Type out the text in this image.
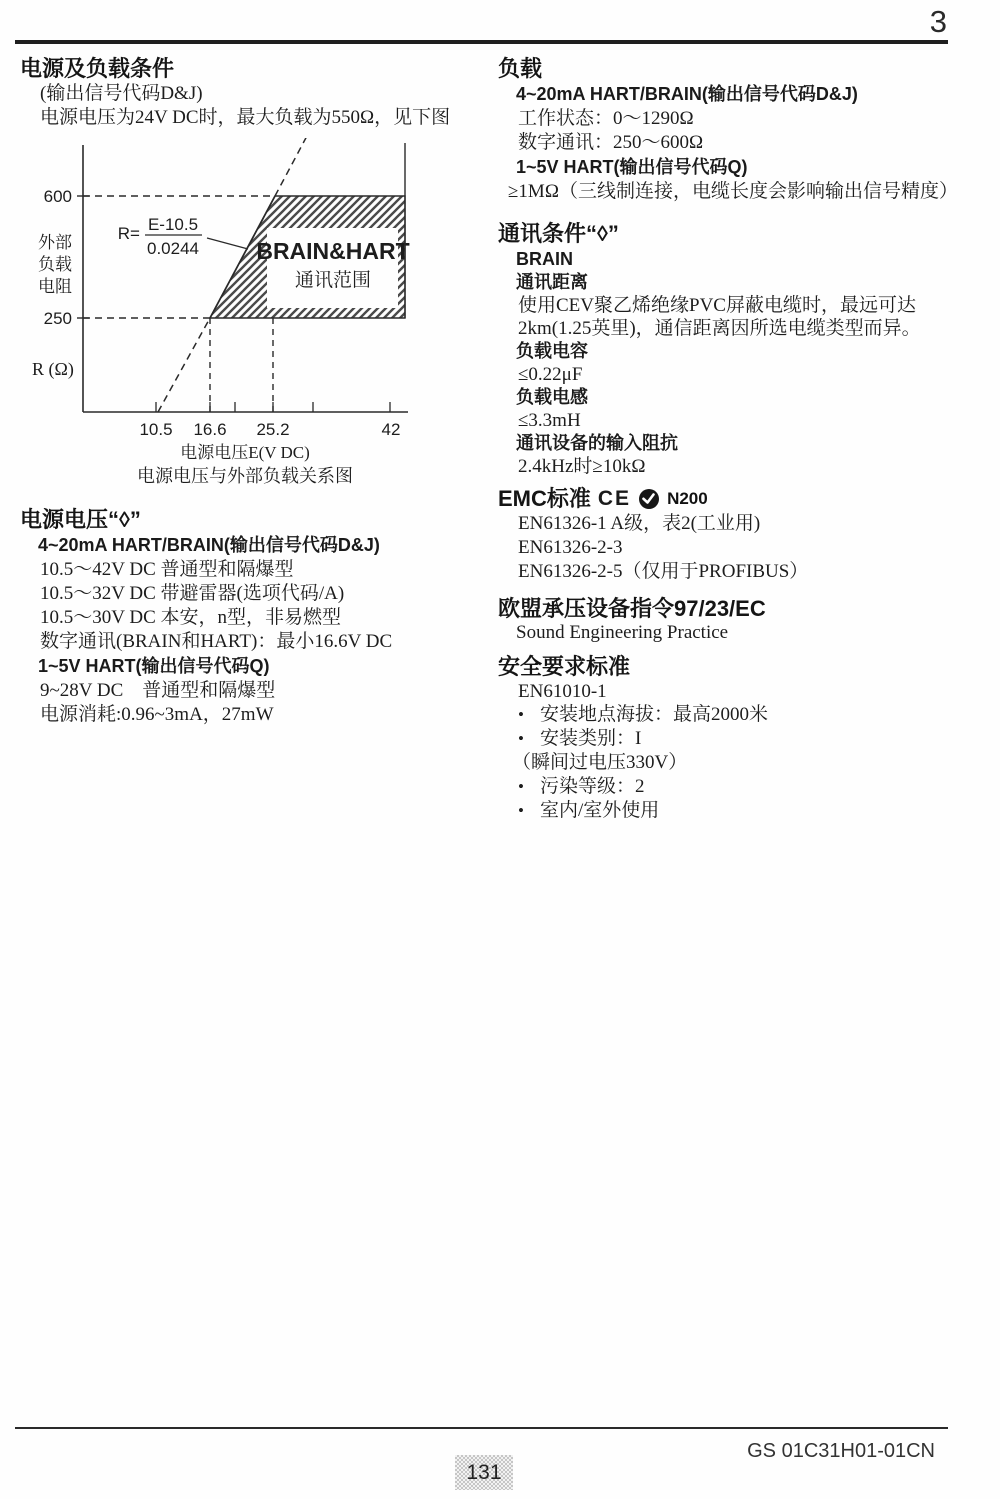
3
电源及负载条件
(输出信号代码D&J)
电源电压为24V DC时，最大负载为550Ω，见下图
BRAIN&HART
通讯范围
600
250
外部
负载
电阻
R (Ω)
R= E-10.5
0.0244
10.5 16.6 25.2	42
电源电压E(V DC)
电源电压与外部负载关系图
电源电压“◊”
4~20mA HART/BRAIN(输出信号代码D&J)
10.5～42V DC 普通型和隔爆型
10.5～32V DC 带避雷器(选项代码/A)
10.5～30V DC 本安，n型，非易燃型
数字通讯(BRAIN和HART)：最小16.6V DC
1~5V HART(输出信号代码Q)
9~28V DC　普通型和隔爆型
电源消耗:0.96~3mA，27mW
负载
4~20mA HART/BRAIN(输出信号代码D&J)
工作状态：0～1290Ω
数字通讯：250～600Ω
1~5V HART(输出信号代码Q)
≥1MΩ（三线制连接，电缆长度会影响输出信号精度）
通讯条件“◊”
BRAIN
通讯距离
使用CEV聚乙烯绝缘PVC屏蔽电缆时，最远可达
2km(1.25英里)，通信距离因所选电缆类型而异。
负载电容
≤0.22μF
负载电感
≤3.3mH
通讯设备的输入阻抗
2.4kHz时≥10kΩ
EMC标准 CE N200
EN61326-1 A级，表2(工业用)
EN61326-2-3
EN61326-2-5（仅用于PROFIBUS）
欧盟承压设备指令97/23/EC
Sound Engineering Practice
安全要求标准
EN61010-1
• 安装地点海拔：最高2000米
• 安装类别：I
（瞬间过电压330V）
• 污染等级：2
• 室内/室外使用
GS 01C31H01-01CN
131
